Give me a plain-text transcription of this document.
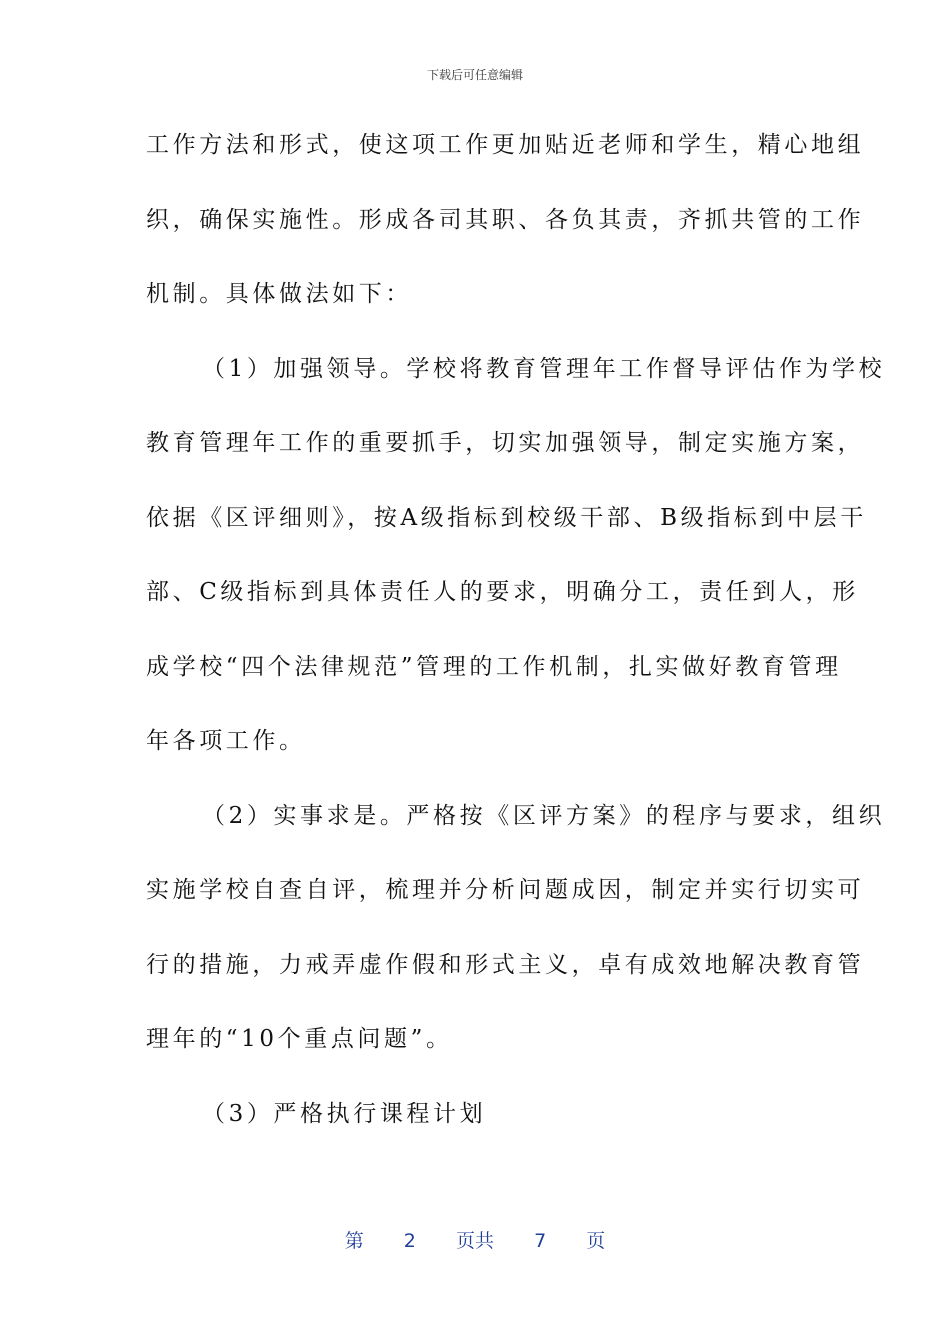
下载后可任意编辑
工作方法和形式，使这项工作更加贴近老师和学生，精心地组
织，确保实施性。形成各司其职、各负其责，齐抓共管的工作
机制。具体做法如下：
（1）加强领导。学校将教育管理年工作督导评估作为学校
教育管理年工作的重要抓手，切实加强领导，制定实施方案，
依据《区评细则》，按A级指标到校级干部、B级指标到中层干
部、C级指标到具体责任人的要求，明确分工，责任到人，形
成学校“四个法律规范”管理的工作机制，扎实做好教育管理
年各项工作。
（2）实事求是。严格按《区评方案》的程序与要求，组织
实施学校自查自评，梳理并分析问题成因，制定并实行切实可
行的措施，力戒弄虚作假和形式主义，卓有成效地解决教育管
理年的“10个重点问题”。
（3）严格执行课程计划
第 2 页共 7 页
